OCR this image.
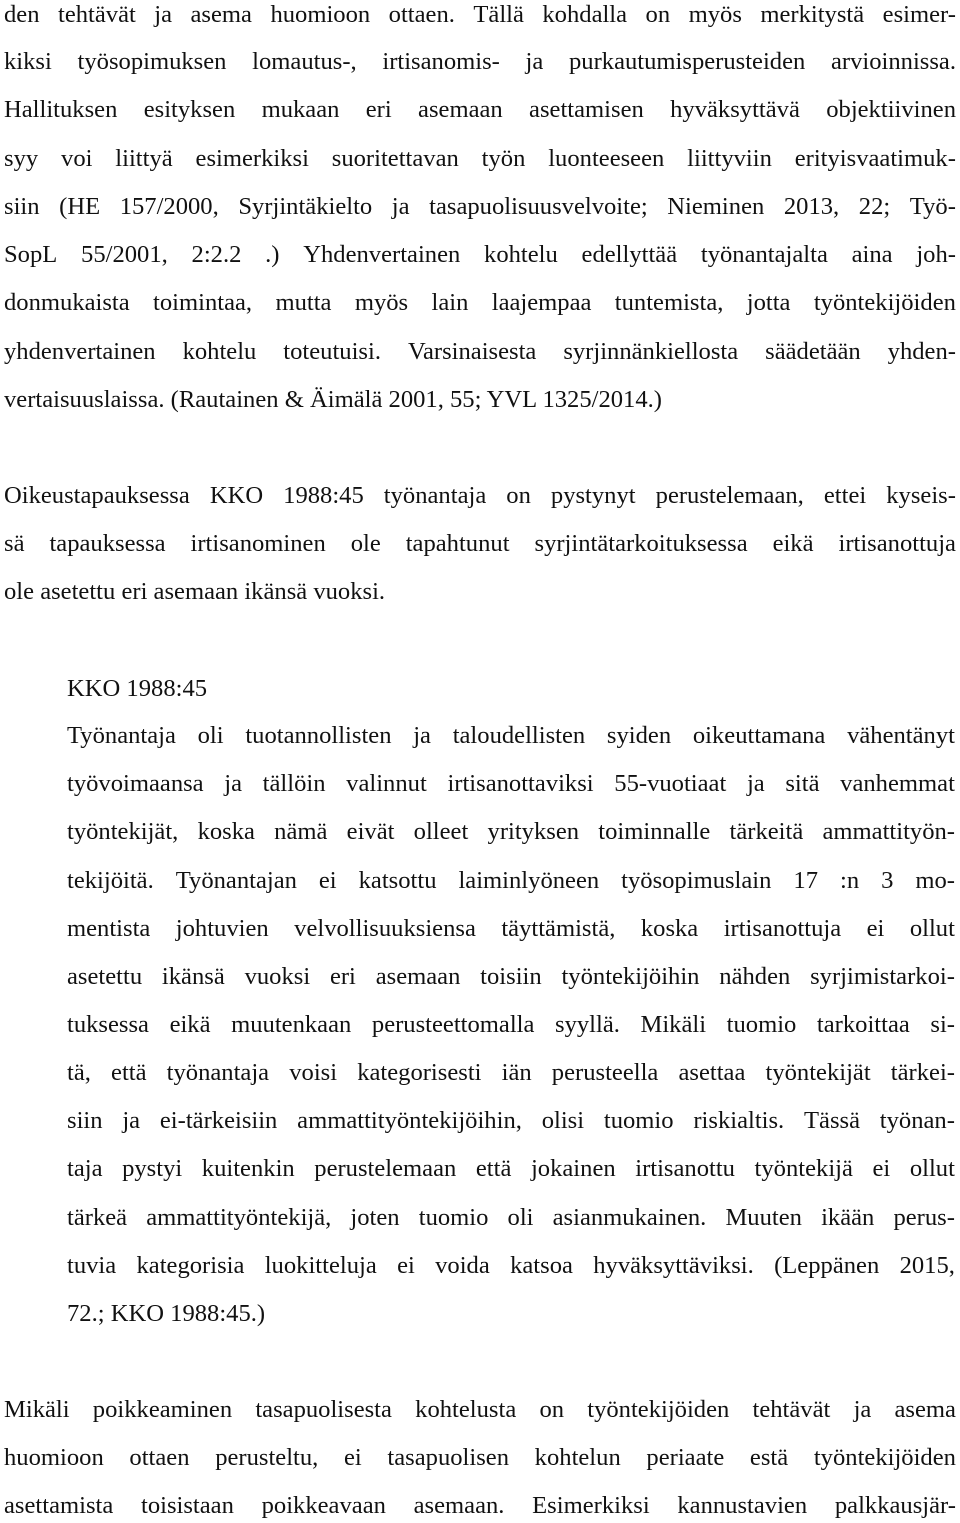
den tehtävät ja asema huomioon ottaen. Tällä kohdalla on myös merkitystä esimer-
kiksi työsopimuksen lomautus-, irtisanomis- ja purkautumisperusteiden arvioinnissa.
Hallituksen esityksen mukaan eri asemaan asettamisen hyväksyttävä objektiivinen
syy voi liittyä esimerkiksi suoritettavan työn luonteeseen liittyviin erityisvaatimuk-
siin (HE 157/2000, Syrjintäkielto ja tasapuolisuusvelvoite; Nieminen 2013, 22; Työ-
SopL 55/2001, 2:2.2 .) Yhdenvertainen kohtelu edellyttää työnantajalta aina joh-
donmukaista toimintaa, mutta myös lain laajempaa tuntemista, jotta työntekijöiden
yhdenvertainen kohtelu toteutuisi. Varsinaisesta syrjinnänkiellosta säädetään yhden-
vertaisuuslaissa. (Rautainen & Äimälä 2001, 55; YVL 1325/2014.)
Oikeustapauksessa KKO 1988:45 työnantaja on pystynyt perustelemaan, ettei kyseis-
sä tapauksessa irtisanominen ole tapahtunut syrjintätarkoituksessa eikä irtisanottuja
ole asetettu eri asemaan ikänsä vuoksi.
KKO 1988:45
Työnantaja oli tuotannollisten ja taloudellisten syiden oikeuttamana vähentänyt
työvoimaansa ja tällöin valinnut irtisanottaviksi 55-vuotiaat ja sitä vanhemmat
työntekijät, koska nämä eivät olleet yrityksen toiminnalle tärkeitä ammattityön-
tekijöitä. Työnantajan ei katsottu laiminlyöneen työsopimuslain 17 :n 3 mo-
mentista johtuvien velvollisuuksiensa täyttämistä, koska irtisanottuja ei ollut
asetettu ikänsä vuoksi eri asemaan toisiin työntekijöihin nähden syrjimistarkoi-
tuksessa eikä muutenkaan perusteettomalla syyllä. Mikäli tuomio tarkoittaa si-
tä, että työnantaja voisi kategorisesti iän perusteella asettaa työntekijät tärkei-
siin ja ei-tärkeisiin ammattityöntekijöihin, olisi tuomio riskialtis. Tässä työnan-
taja pystyi kuitenkin perustelemaan että jokainen irtisanottu työntekijä ei ollut
tärkeä ammattityöntekijä, joten tuomio oli asianmukainen. Muuten ikään perus-
tuvia kategorisia luokitteluja ei voida katsoa hyväksyttäviksi. (Leppänen 2015,
72.; KKO 1988:45.)
Mikäli poikkeaminen tasapuolisesta kohtelusta on työntekijöiden tehtävät ja asema
huomioon ottaen perusteltu, ei tasapuolisen kohtelun periaate estä työntekijöiden
asettamista toisistaan poikkeavaan asemaan. Esimerkiksi kannustavien palkkausjär-
